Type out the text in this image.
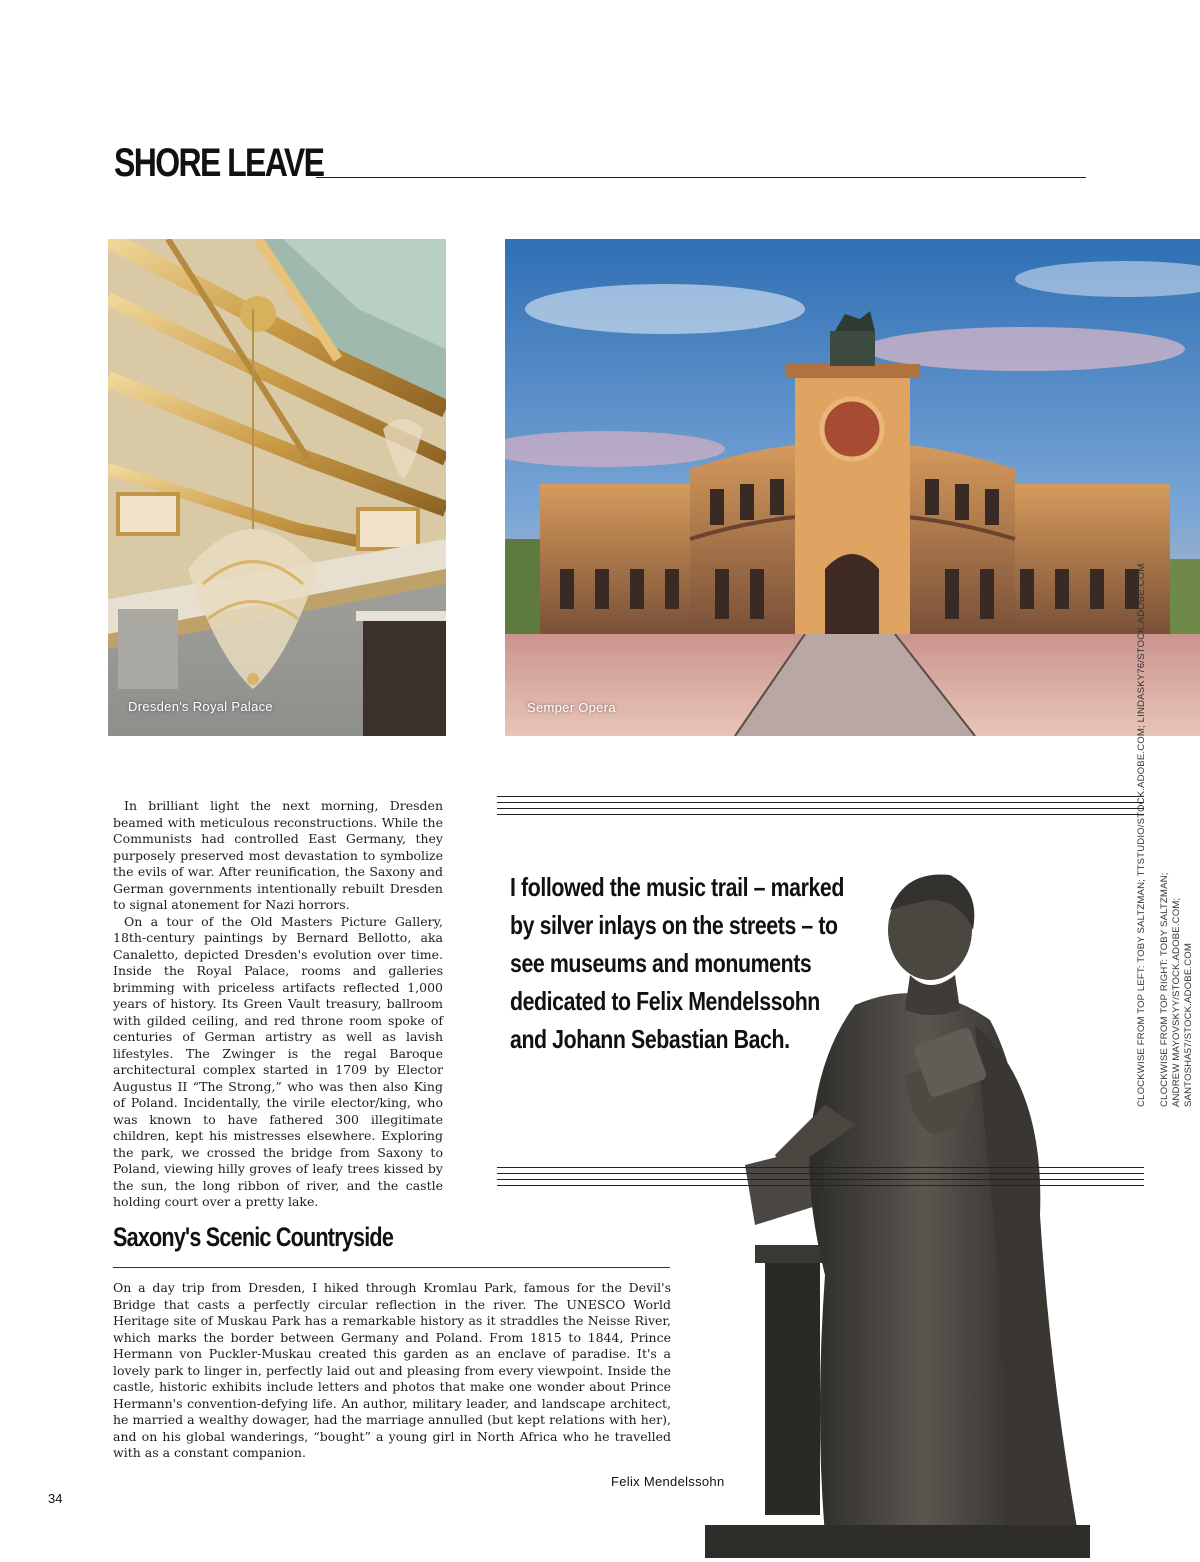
SHORE LEAVE
Dresden's Royal Palace	Semper Opera

In brilliant light the next morning, Dresden beamed with meticulous reconstructions. While the Communists had controlled East Germany, they purposely preserved most devastation to symbolize the evils of war. After reunification, the Saxony and German governments intentionally rebuilt Dresden to signal atonement for Nazi horrors.

On a tour of the Old Masters Picture Gallery, 18th-century paintings by Bernard Bellotto, aka Canaletto, depicted Dresden's evolution over time. Inside the Royal Palace, rooms and galleries brimming with priceless artifacts reflected 1,000 years of history. Its Green Vault treasury, ballroom with gilded ceiling, and red throne room spoke of centuries of German artistry as well as lavish lifestyles. The Zwinger is the regal Baroque architectural complex started in 1709 by Elector Augustus II “The Strong,” who was then also King of Poland. Incidentally, the virile elector/king, who was known to have fathered 300 illegitimate children, kept his mistresses elsewhere. Exploring the park, we crossed the bridge from Saxony to Poland, viewing hilly groves of leafy trees kissed by the sun, the long ribbon of river, and the castle holding court over a pretty lake.

Saxony's Scenic Countryside

On a day trip from Dresden, I hiked through Kromlau Park, famous for the Devil's Bridge that casts a perfectly circular reflection in the river. The UNESCO World Heritage site of Muskau Park has a remarkable history as it straddles the Neisse River, which marks the border between Germany and Poland. From 1815 to 1844, Prince Hermann von Puckler-Muskau created this garden as an enclave of paradise. It's a lovely park to linger in, perfectly laid out and pleasing from every viewpoint. Inside the castle, historic exhibits include letters and photos that make one wonder about Prince Hermann's convention-defying life. An author, military leader, and landscape architect, he married a wealthy dowager, had the marriage annulled (but kept relations with her), and on his global wanderings, “bought” a young girl in North Africa who he travelled with as a constant companion.

I followed the music trail – marked by silver inlays on the streets – to see museums and monuments dedicated to Felix Mendelssohn and Johann Sebastian Bach.
Felix Mendelssohn
CLOCKWISE FROM TOP LEFT: TOBY SALTZMAN; TTSTUDIO/STOCK.ADOBE.COM; LINDASKY76/STOCK.ADOBE.COM CLOCKWISE FROM TOP RIGHT: TOBY SALTZMAN; ANDREW MAYOVSKYY/STOCK.ADOBE.COM; SANTOSHA57/STOCK.ADOBE.COM
34
